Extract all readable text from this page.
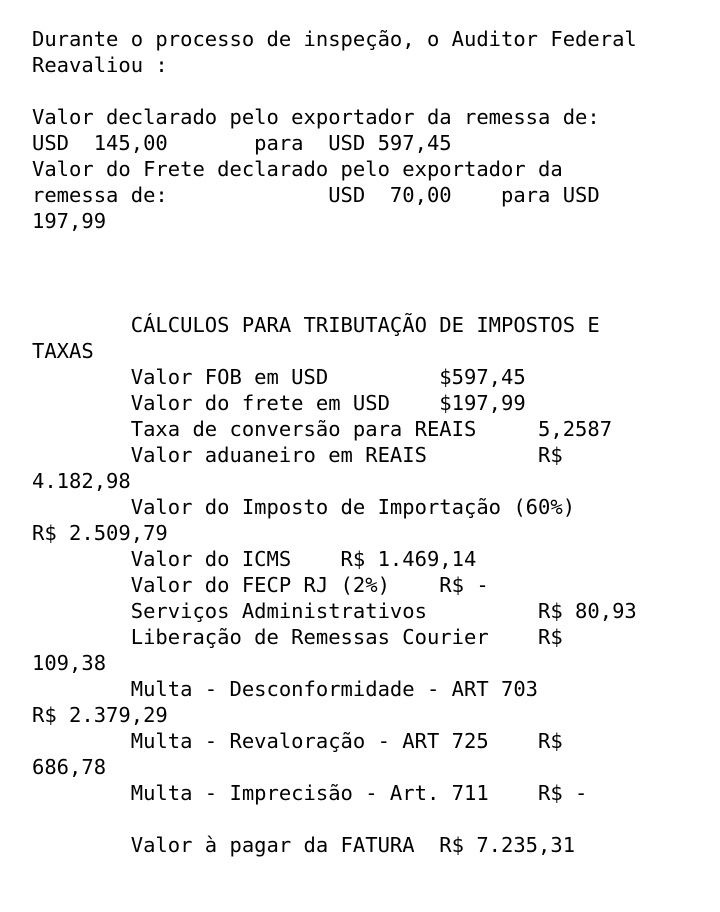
Durante o processo de inspeção, o Auditor Federal
Reavaliou :
Valor declarado pelo exportador da remessa de:
USD  145,00       para  USD 597,45
Valor do Frete declarado pelo exportador da
remessa de:             USD  70,00    para USD
197,99
CÁLCULOS PARA TRIBUTAÇÃO DE IMPOSTOS E
TAXAS
Valor FOB em USD         $597,45
Valor do frete em USD    $197,99
Taxa de conversão para REAIS     5,2587
Valor aduaneiro em REAIS         R$
4.182,98
Valor do Imposto de Importação (60%)
R$ 2.509,79
Valor do ICMS    R$ 1.469,14
Valor do FECP RJ (2%)    R$ -
Serviços Administrativos         R$ 80,93
Liberação de Remessas Courier    R$
109,38
Multa - Desconformidade - ART 703
R$ 2.379,29
Multa - Revaloração - ART 725    R$
686,78
Multa - Imprecisão - Art. 711    R$ -
Valor à pagar da FATURA  R$ 7.235,31
